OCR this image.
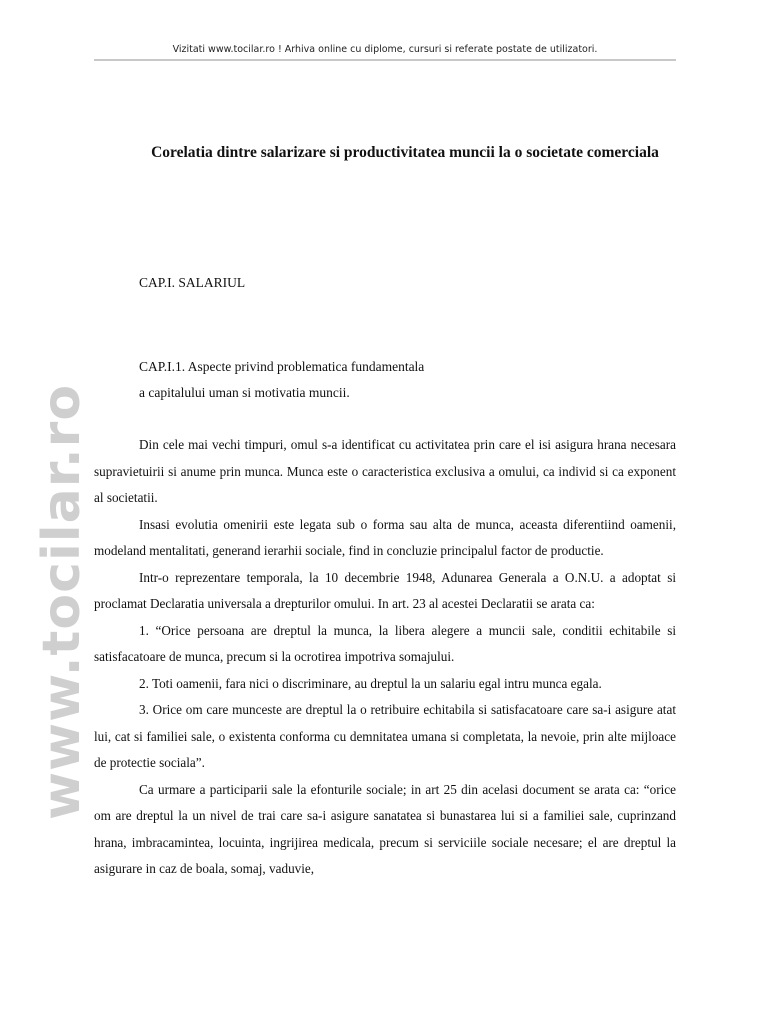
Vizitati www.tocilar.ro ! Arhiva online cu diplome, cursuri si referate postate de utilizatori.
www.tocilar.ro
Corelatia dintre salarizare si productivitatea muncii la o societate comerciala
CAP.I. SALARIUL
CAP.I.1. Aspecte privind problematica fundamentala
a capitalului uman si motivatia muncii.

Din cele mai vechi timpuri, omul s-a identificat cu activitatea prin care el isi asigura hrana necesara supravietuirii si anume prin munca. Munca este o caracteristica exclusiva a omului, ca individ si ca exponent al societatii.

Insasi evolutia omenirii este legata sub o forma sau alta de munca, aceasta diferentiind oamenii, modeland mentalitati, generand ierarhii sociale, find in concluzie principalul factor de productie.

Intr-o reprezentare temporala, la 10 decembrie 1948, Adunarea Generala a O.N.U. a adoptat si proclamat Declaratia universala a drepturilor omului. In art. 23 al acestei Declaratii se arata ca:

1. “Orice persoana are dreptul la munca, la libera alegere a muncii sale, conditii echitabile si satisfacatoare de munca, precum si la ocrotirea impotriva somajului.

2. Toti oamenii, fara nici o discriminare, au dreptul la un salariu egal intru munca egala.

3. Orice om care munceste are dreptul la o retribuire echitabila si satisfacatoare care sa-i asigure atat lui, cat si familiei sale, o existenta conforma cu demnitatea umana si completata, la nevoie, prin alte mijloace de protectie sociala”.

Ca urmare a participarii sale la efonturile sociale; in art 25 din acelasi document se arata ca: “orice om are dreptul la un nivel de trai care sa-i asigure sanatatea si bunastarea lui si a familiei sale, cuprinzand hrana, imbracamintea, locuinta, ingrijirea medicala, precum si serviciile sociale necesare; el are dreptul la asigurare in caz de boala, somaj, vaduvie,
